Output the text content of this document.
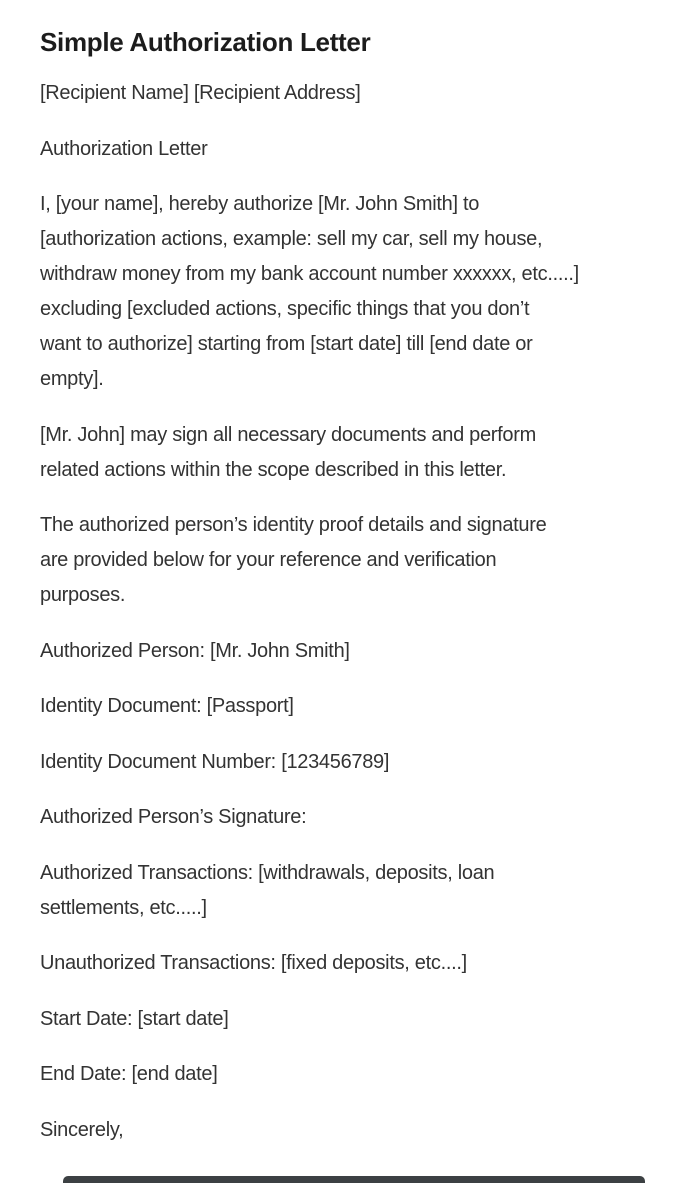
Simple Authorization Letter
[Recipient Name] [Recipient Address]
Authorization Letter
I, [your name], hereby authorize [Mr. John Smith] to
[authorization actions, example: sell my car, sell my house,
withdraw money from my bank account number xxxxxx, etc.....]
excluding [excluded actions, specific things that you don’t
want to authorize] starting from [start date] till [end date or
empty].
[Mr. John] may sign all necessary documents and perform
related actions within the scope described in this letter.
The authorized person’s identity proof details and signature
are provided below for your reference and verification
purposes.
Authorized Person: [Mr. John Smith]
Identity Document: [Passport]
Identity Document Number: [123456789]
Authorized Person’s Signature:
Authorized Transactions: [withdrawals, deposits, loan
settlements, etc.....]
Unauthorized Transactions: [fixed deposits, etc....]
Start Date: [start date]
End Date: [end date]
Sincerely,
